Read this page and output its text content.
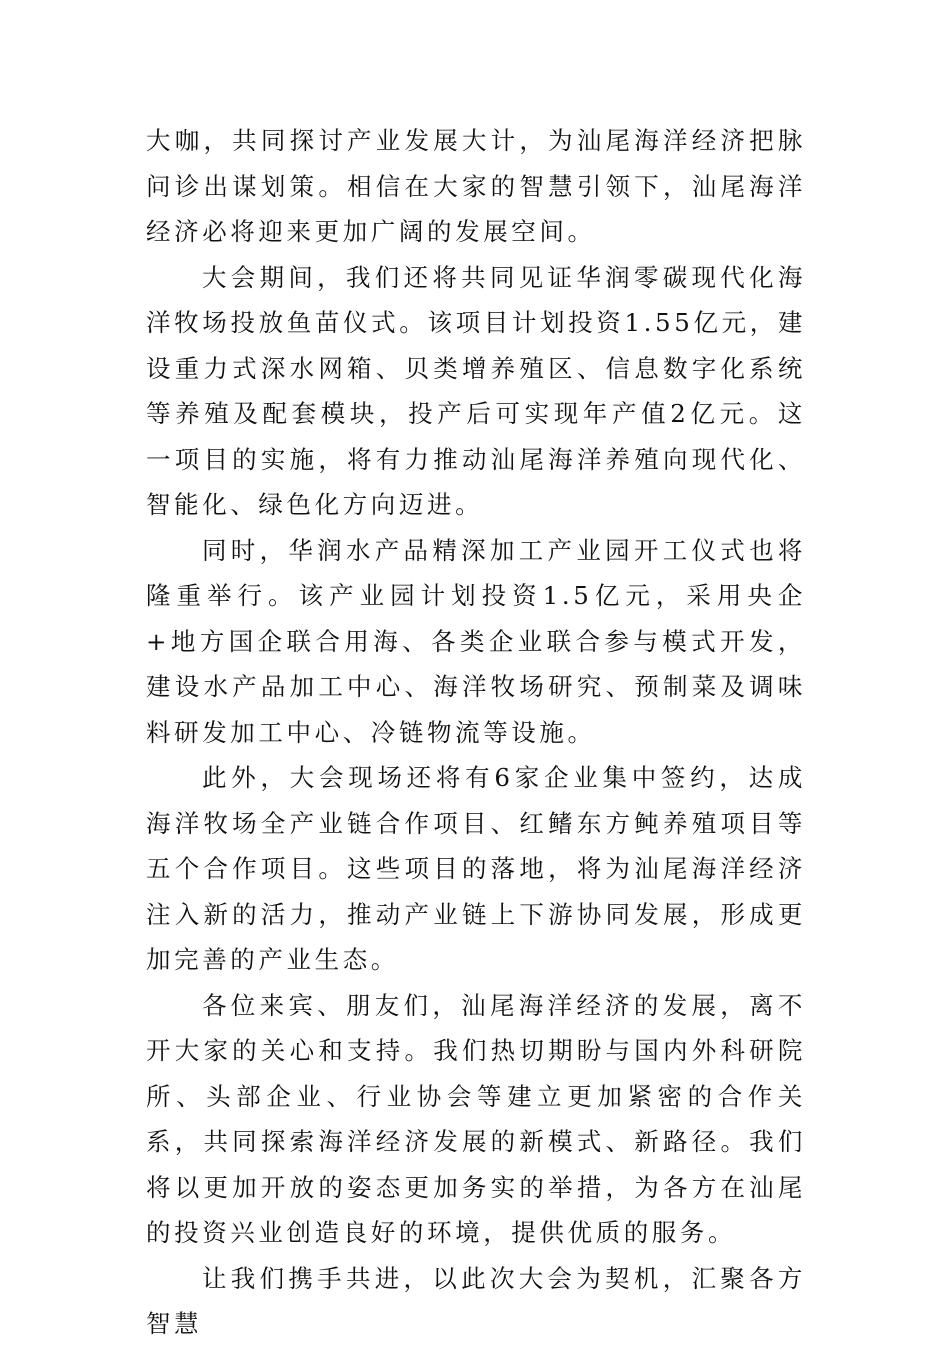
大咖，共同探讨产业发展大计，为汕尾海洋经济把脉问诊出谋划策。相信在大家的智慧引领下，汕尾海洋经济必将迎来更加广阔的发展空间。

大会期间，我们还将共同见证华润零碳现代化海洋牧场投放鱼苗仪式。该项目计划投资1.55亿元，建设重力式深水网箱、贝类增养殖区、信息数字化系统等养殖及配套模块，投产后可实现年产值2亿元。这一项目的实施，将有力推动汕尾海洋养殖向现代化、智能化、绿色化方向迈进。

同时，华润水产品精深加工产业园开工仪式也将隆重举行。该产业园计划投资1.5亿元，采用央企+地方国企联合用海、各类企业联合参与模式开发，建设水产品加工中心、海洋牧场研究、预制菜及调味料研发加工中心、冷链物流等设施。

此外，大会现场还将有6家企业集中签约，达成海洋牧场全产业链合作项目、红鳍东方鲀养殖项目等五个合作项目。这些项目的落地，将为汕尾海洋经济注入新的活力，推动产业链上下游协同发展，形成更加完善的产业生态。

各位来宾、朋友们，汕尾海洋经济的发展，离不开大家的关心和支持。我们热切期盼与国内外科研院所、头部企业、行业协会等建立更加紧密的合作关系，共同探索海洋经济发展的新模式、新路径。我们将以更加开放的姿态更加务实的举措，为各方在汕尾的投资兴业创造良好的环境，提供优质的服务。

让我们携手共进，以此次大会为契机，汇聚各方智慧
